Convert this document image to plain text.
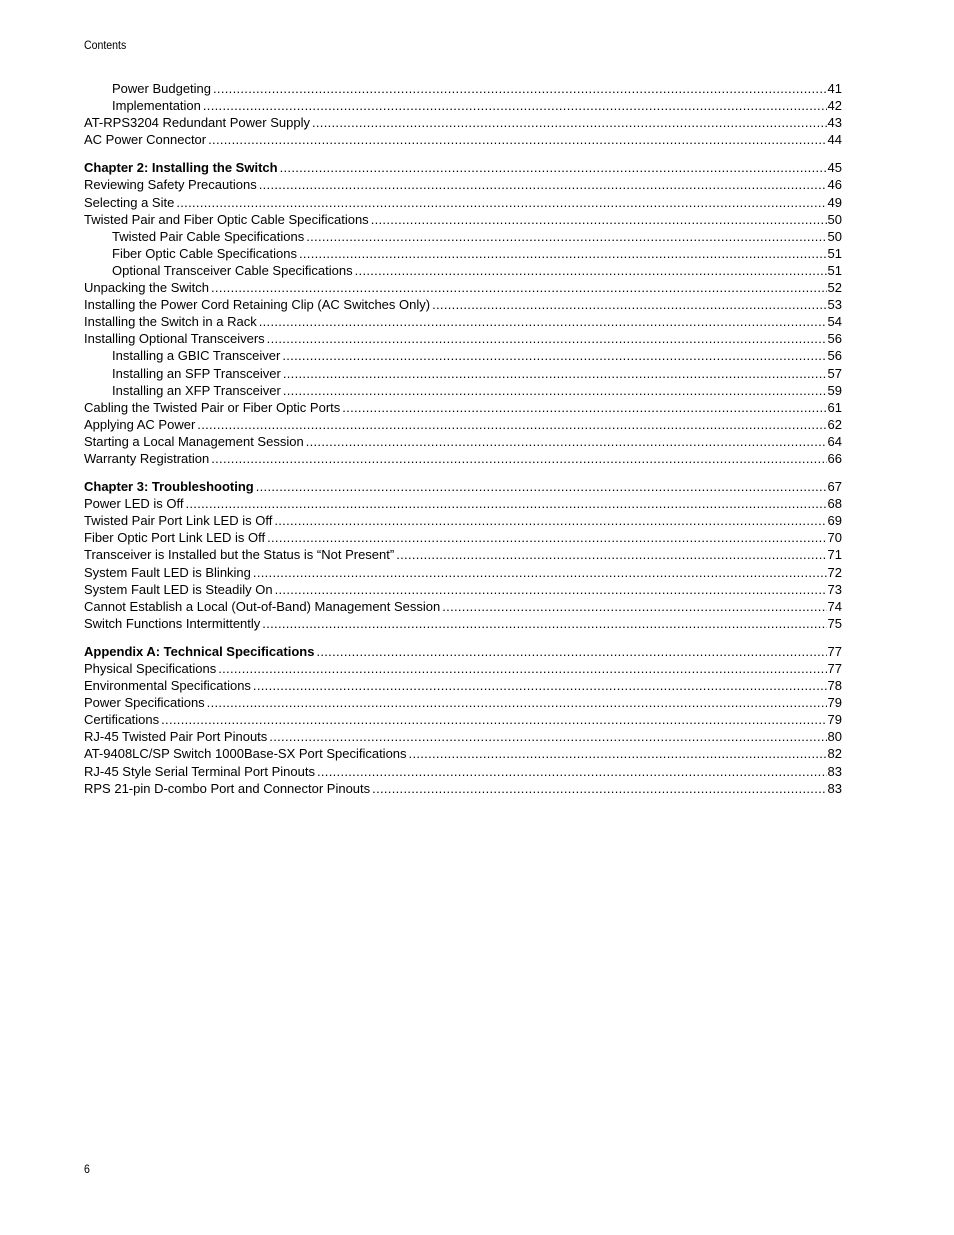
Contents
Power Budgeting .....	41
Implementation .....	42
AT-RPS3204 Redundant Power Supply .....	43
AC Power Connector .....	44
Chapter 2: Installing the Switch .....	45
Reviewing Safety Precautions .....	46
Selecting a Site .....	49
Twisted Pair and Fiber Optic Cable Specifications .....	50
Twisted Pair Cable Specifications .....	50
Fiber Optic Cable Specifications .....	51
Optional Transceiver Cable Specifications .....	51
Unpacking the Switch .....	52
Installing the Power Cord Retaining Clip (AC Switches Only) .....	53
Installing the Switch in a Rack .....	54
Installing Optional Transceivers .....	56
Installing a GBIC Transceiver .....	56
Installing an SFP Transceiver .....	57
Installing an XFP Transceiver .....	59
Cabling the Twisted Pair or Fiber Optic Ports .....	61
Applying AC Power .....	62
Starting a Local Management Session .....	64
Warranty Registration .....	66
Chapter 3: Troubleshooting .....	67
Power LED is Off .....	68
Twisted Pair Port Link LED is Off .....	69
Fiber Optic Port Link LED is Off .....	70
Transceiver is Installed but the Status is “Not Present” .....	71
System Fault LED is Blinking .....	72
System Fault LED is Steadily On .....	73
Cannot Establish a Local (Out-of-Band) Management Session .....	74
Switch Functions Intermittently .....	75
Appendix A: Technical Specifications .....	77
Physical Specifications .....	77
Environmental Specifications .....	78
Power Specifications .....	79
Certifications .....	79
RJ-45 Twisted Pair Port Pinouts .....	80
AT-9408LC/SP Switch 1000Base-SX Port Specifications .....	82
RJ-45 Style Serial Terminal Port Pinouts .....	83
RPS 21-pin D-combo Port and Connector Pinouts .....	83
6
